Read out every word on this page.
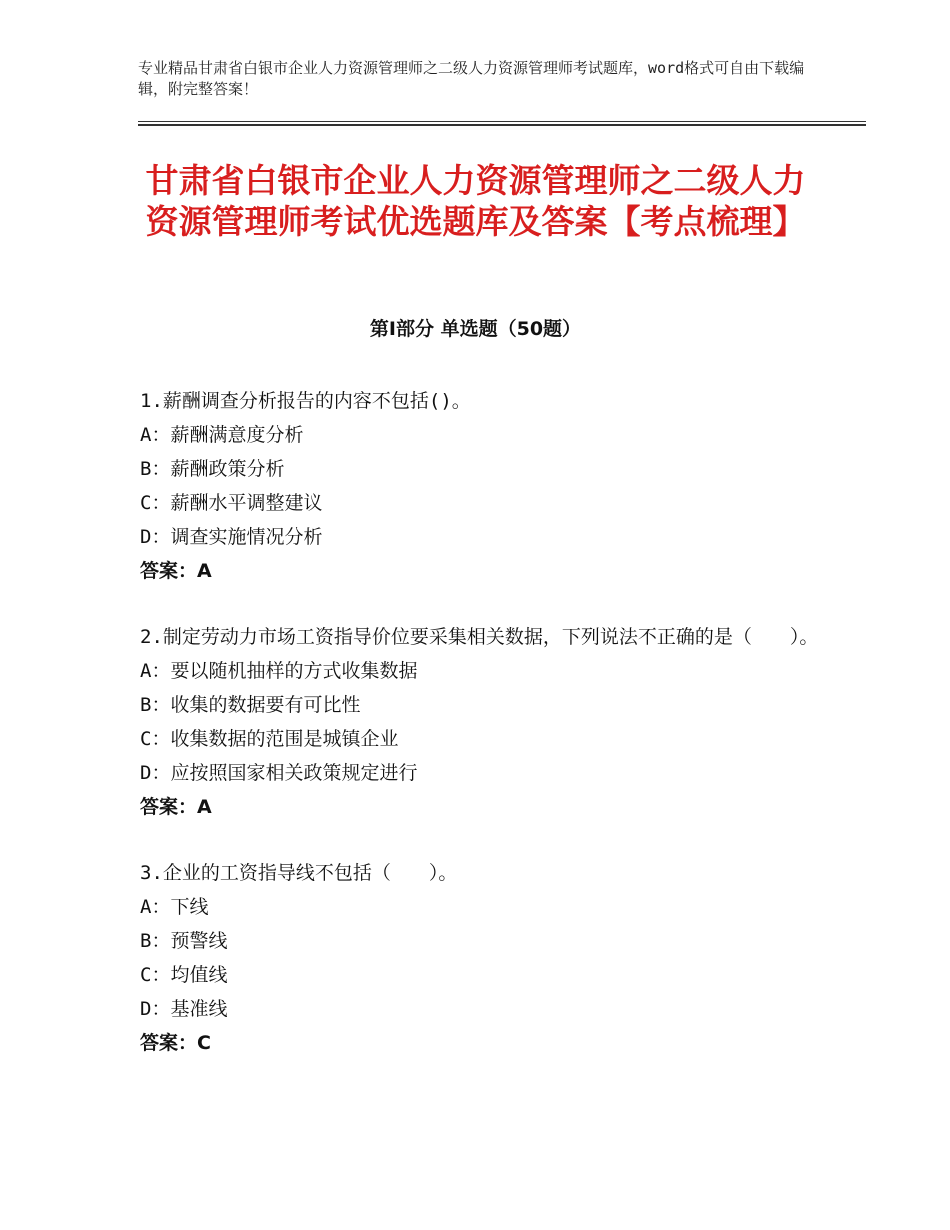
专业精品甘肃省白银市企业人力资源管理师之二级人力资源管理师考试题库，word格式可自由下载编辑，附完整答案！
甘肃省白银市企业人力资源管理师之二级人力资源管理师考试优选题库及答案【考点梳理】
第Ⅰ部分 单选题（50题）
1.薪酬调查分析报告的内容不包括()。
A：薪酬满意度分析
B：薪酬政策分析
C：薪酬水平调整建议
D：调查实施情况分析
答案：A
2.制定劳动力市场工资指导价位要采集相关数据，下列说法不正确的是（　　）。
A：要以随机抽样的方式收集数据
B：收集的数据要有可比性
C：收集数据的范围是城镇企业
D：应按照国家相关政策规定进行
答案：A
3.企业的工资指导线不包括（　　）。
A：下线
B：预警线
C：均值线
D：基准线
答案：C
